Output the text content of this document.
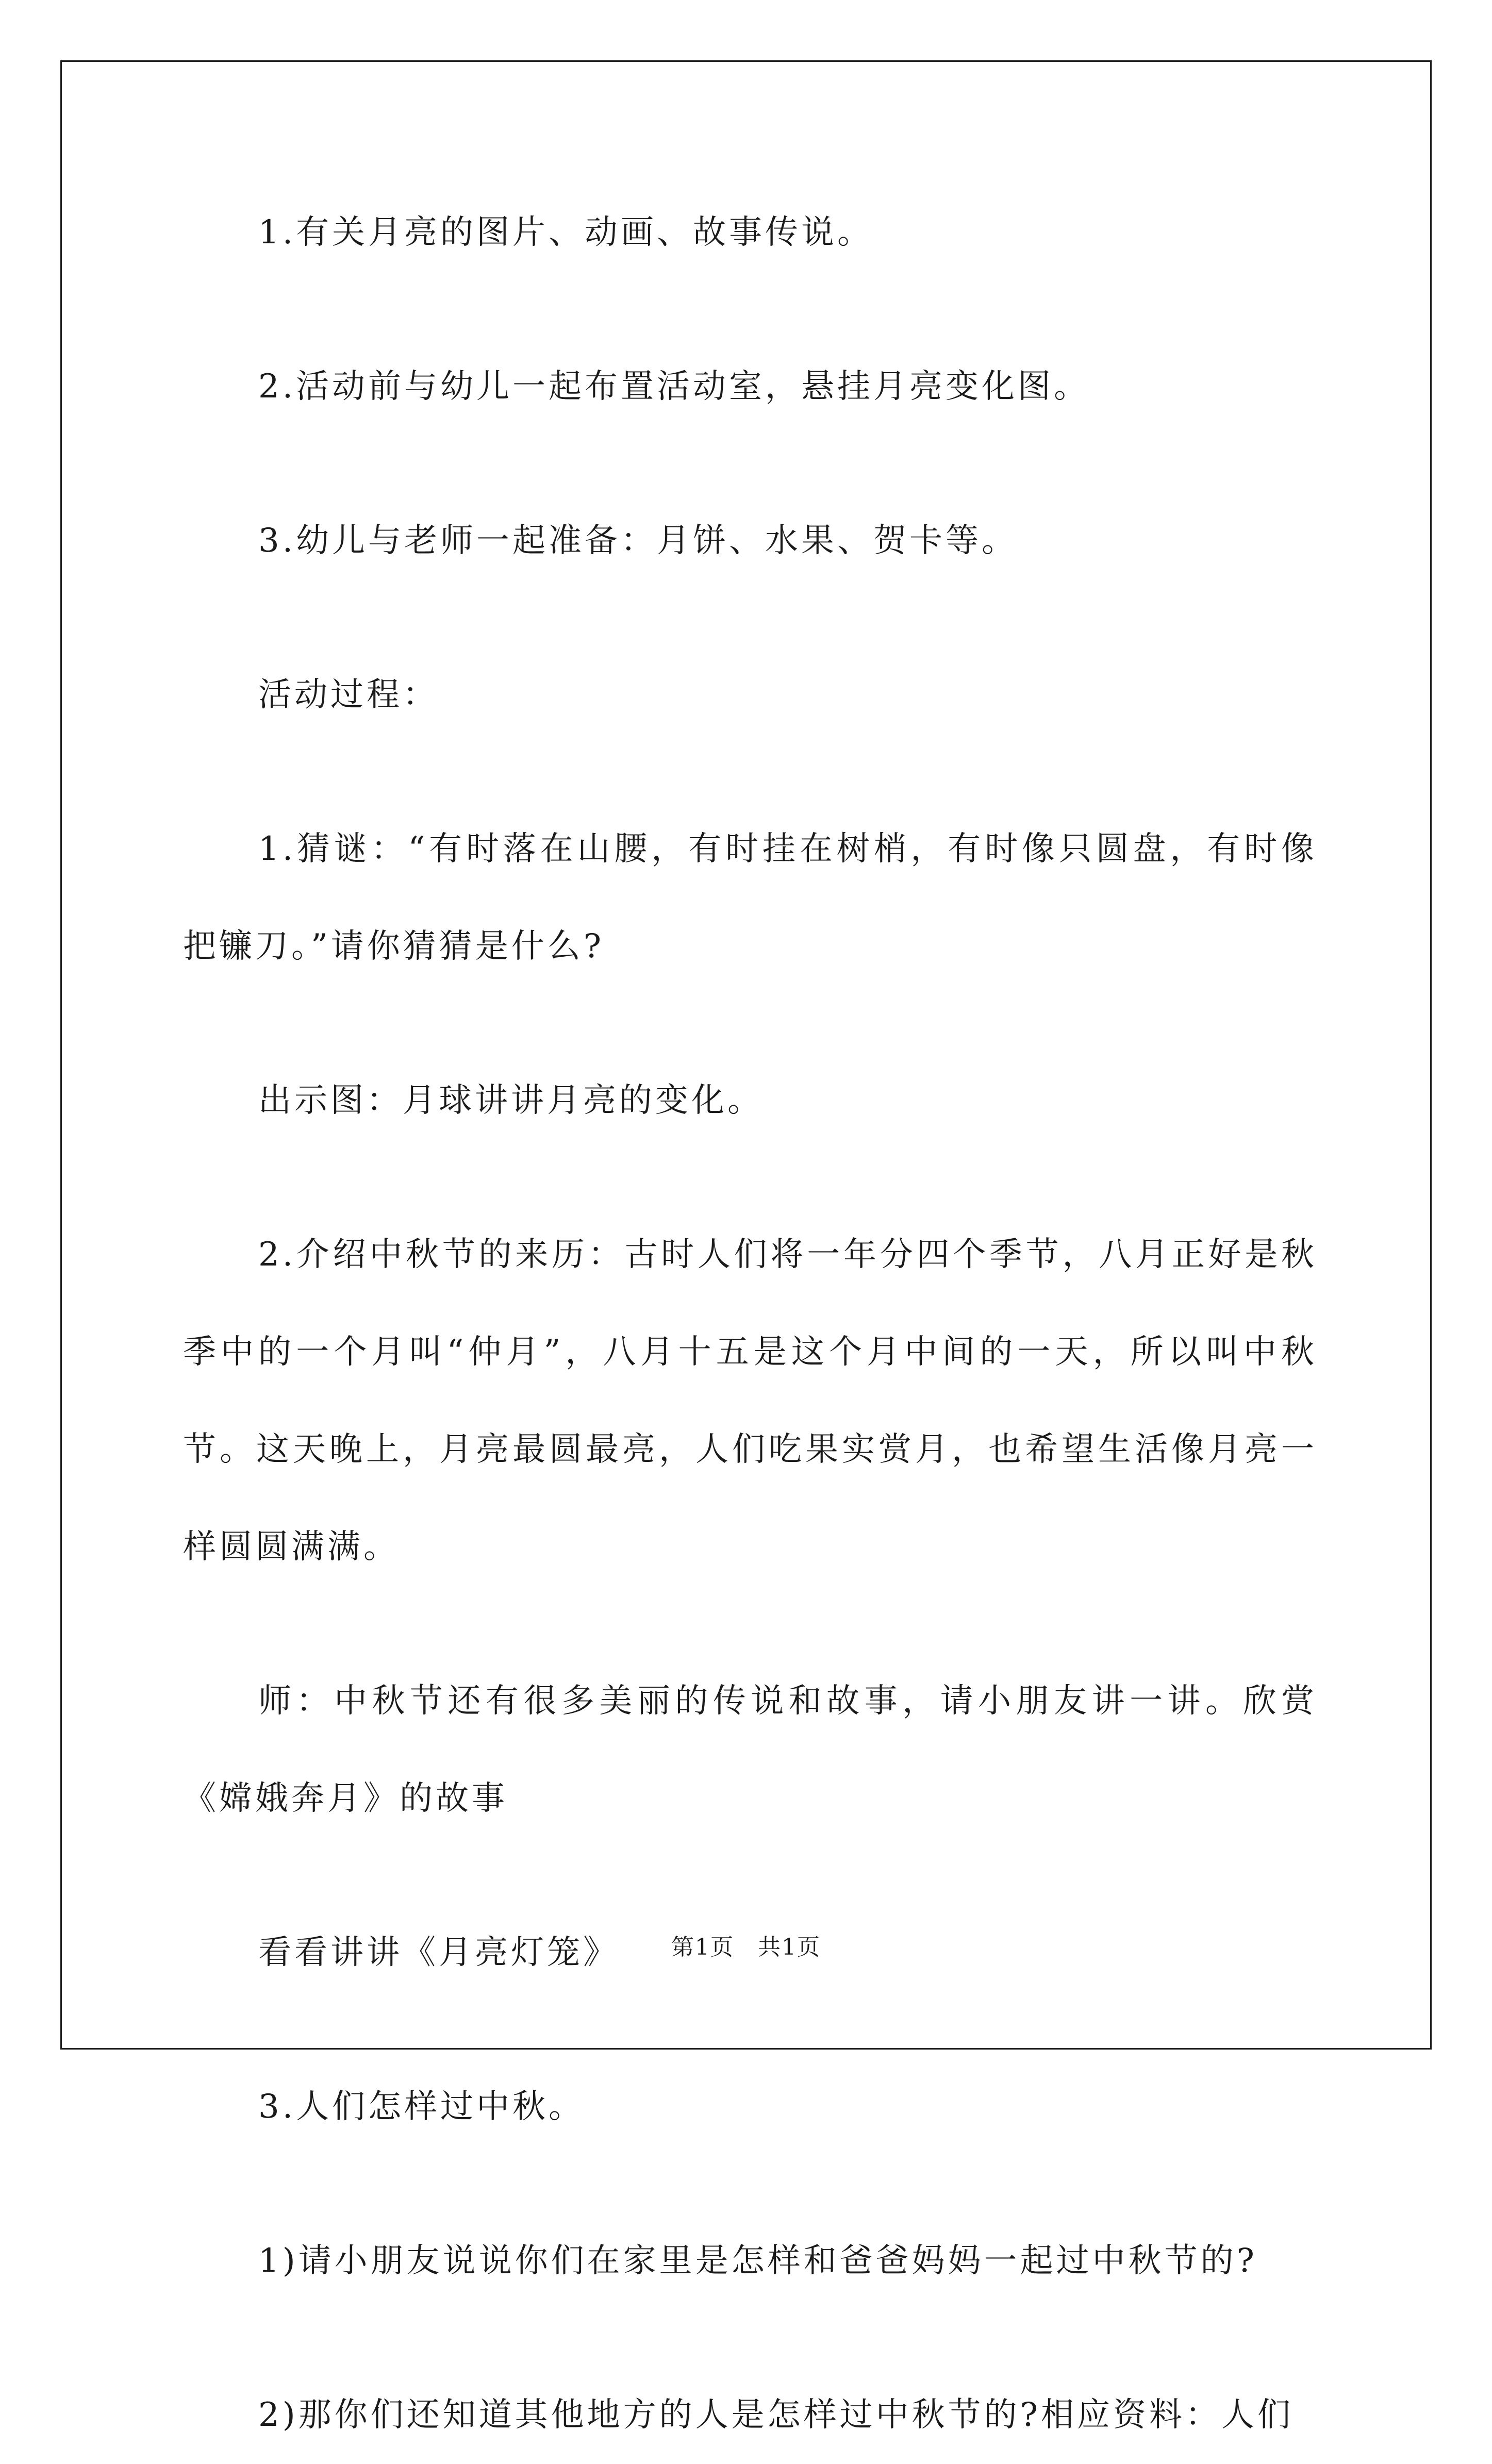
1.有关月亮的图片、动画、故事传说。

2.活动前与幼儿一起布置活动室，悬挂月亮变化图。

3.幼儿与老师一起准备：月饼、水果、贺卡等。

活动过程：

1.猜谜：“有时落在山腰，有时挂在树梢，有时像只圆盘，有时像把镰刀。”请你猜猜是什么?

出示图：月球讲讲月亮的变化。

2.介绍中秋节的来历：古时人们将一年分四个季节，八月正好是秋季中的一个月叫“仲月”，八月十五是这个月中间的一天，所以叫中秋节。这天晚上，月亮最圆最亮，人们吃果实赏月，也希望生活像月亮一样圆圆满满。

师：中秋节还有很多美丽的传说和故事，请小朋友讲一讲。欣赏《嫦娥奔月》的故事

看看讲讲《月亮灯笼》

3.人们怎样过中秋。

1)请小朋友说说你们在家里是怎样和爸爸妈妈一起过中秋节的?

2)那你们还知道其他地方的人是怎样过中秋节的?相应资料：人们

第1页　共1页
